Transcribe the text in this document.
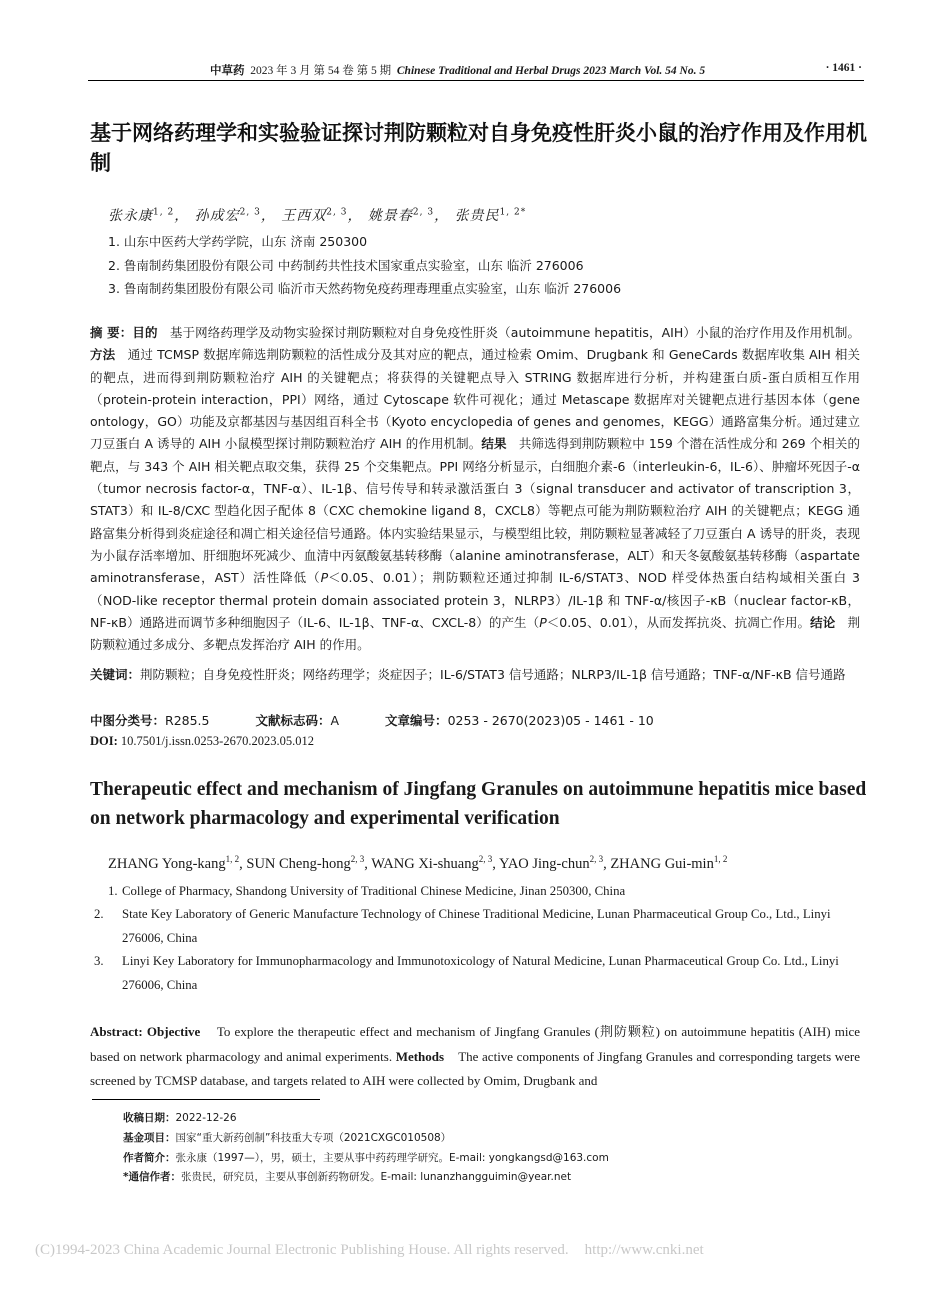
中草药 2023 年 3 月 第 54 卷 第 5 期 Chinese Traditional and Herbal Drugs 2023 March Vol. 54 No. 5	· 1461 ·
基于网络药理学和实验验证探讨荆防颗粒对自身免疫性肝炎小鼠的治疗作用及作用机制
张永康$^{1, 2}$， 孙成宏$^{2, 3}$， 王西双$^{2, 3}$， 姚景春$^{2, 3}$， 张贵民$^{1, 2*}$
1. 山东中医药大学药学院，山东 济南 250300
2. 鲁南制药集团股份有限公司 中药制药共性技术国家重点实验室，山东 临沂 276006
3. 鲁南制药集团股份有限公司 临沂市天然药物免疫药理毒理重点实验室，山东 临沂 276006
摘 要：目的 基于网络药理学及动物实验探讨荆防颗粒对自身免疫性肝炎（autoimmune hepatitis，AIH）小鼠的治疗作用及作用机制。方法 通过 TCMSP 数据库筛选荆防颗粒的活性成分及其对应的靶点，通过检索 Omim、Drugbank 和 GeneCards 数据库收集 AIH 相关的靶点，进而得到荆防颗粒治疗 AIH 的关键靶点；将获得的关键靶点导入 STRING 数据库进行分析，并构建蛋白质-蛋白质相互作用（protein-protein interaction，PPI）网络，通过 Cytoscape 软件可视化；通过 Metascape 数据库对关键靶点进行基因本体（gene ontology，GO）功能及京都基因与基因组百科全书（Kyoto encyclopedia of genes and genomes，KEGG）通路富集分析。通过建立刀豆蛋白 A 诱导的 AIH 小鼠模型探讨荆防颗粒治疗 AIH 的作用机制。结果 共筛选得到荆防颗粒中 159 个潜在活性成分和 269 个相关的靶点，与 343 个 AIH 相关靶点取交集，获得 25 个交集靶点。PPI 网络分析显示，白细胞介素-6（interleukin-6，IL-6）、肿瘤坏死因子-α（tumor necrosis factor-α，TNF-α）、IL-1β、信号传导和转录激活蛋白 3（signal transducer and activator of transcription 3，STAT3）和 IL-8/CXC 型趋化因子配体 8（CXC chemokine ligand 8，CXCL8）等靶点可能为荆防颗粒治疗 AIH 的关键靶点；KEGG 通路富集分析得到炎症途径和凋亡相关途径信号通路。体内实验结果显示，与模型组比较，荆防颗粒显著减轻了刀豆蛋白 A 诱导的肝炎，表现为小鼠存活率增加、肝细胞坏死减少、血清中丙氨酸氨基转移酶（alanine aminotransferase，ALT）和天冬氨酸氨基转移酶（aspartate aminotransferase，AST）活性降低（P＜0.05、0.01）；荆防颗粒还通过抑制 IL-6/STAT3、NOD 样受体热蛋白结构域相关蛋白 3（NOD-like receptor thermal protein domain associated protein 3，NLRP3）/IL-1β 和 TNF-α/核因子-κB（nuclear factor-κB，NF-κB）通路进而调节多种细胞因子（IL-6、IL-1β、TNF-α、CXCL-8）的产生（P＜0.05、0.01），从而发挥抗炎、抗凋亡作用。结论 荆防颗粒通过多成分、多靶点发挥治疗 AIH 的作用。
关键词：荆防颗粒；自身免疫性肝炎；网络药理学；炎症因子；IL-6/STAT3 信号通路；NLRP3/IL-1β 信号通路；TNF-α/NF-κB 信号通路
中图分类号：R285.5	文献标志码：A	文章编号：0253 - 2670(2023)05 - 1461 - 10
DOI: 10.7501/j.issn.0253-2670.2023.05.012
Therapeutic effect and mechanism of Jingfang Granules on autoimmune hepatitis mice based on network pharmacology and experimental verification
ZHANG Yong-kang$^{1, 2}$, SUN Cheng-hong$^{2, 3}$, WANG Xi-shuang$^{2, 3}$, YAO Jing-chun$^{2, 3}$, ZHANG Gui-$\min^{1, 2}$
1. College of Pharmacy, Shandong University of Traditional Chinese Medicine, Jinan 250300, China
2. State Key Laboratory of Generic Manufacture Technology of Chinese Traditional Medicine, Lunan Pharmaceutical Group Co., Ltd., Linyi 276006, China
3. Linyi Key Laboratory for Immunopharmacology and Immunotoxicology of Natural Medicine, Lunan Pharmaceutical Group Co. Ltd., Linyi 276006, China
Abstract: Objective To explore the therapeutic effect and mechanism of Jingfang Granules (荆防颗粒) on autoimmune hepatitis (AIH) mice based on network pharmacology and animal experiments. Methods The active components of Jingfang Granules and corresponding targets were screened by TCMSP database, and targets related to AIH were collected by Omim, Drugbank and
收稿日期：2022-12-26
基金项目：国家“重大新药创制”科技重大专项（2021CXGC010508）
作者简介：张永康（1997—），男，硕士，主要从事中药药理学研究。E-mail: yongkangsd@163.com
*通信作者：张贵民，研究员，主要从事创新药物研发。E-mail: lunanzhangguimin@year.net
(C)1994-2023 China Academic Journal Electronic Publishing House. All rights reserved. http://www.cnki.net
